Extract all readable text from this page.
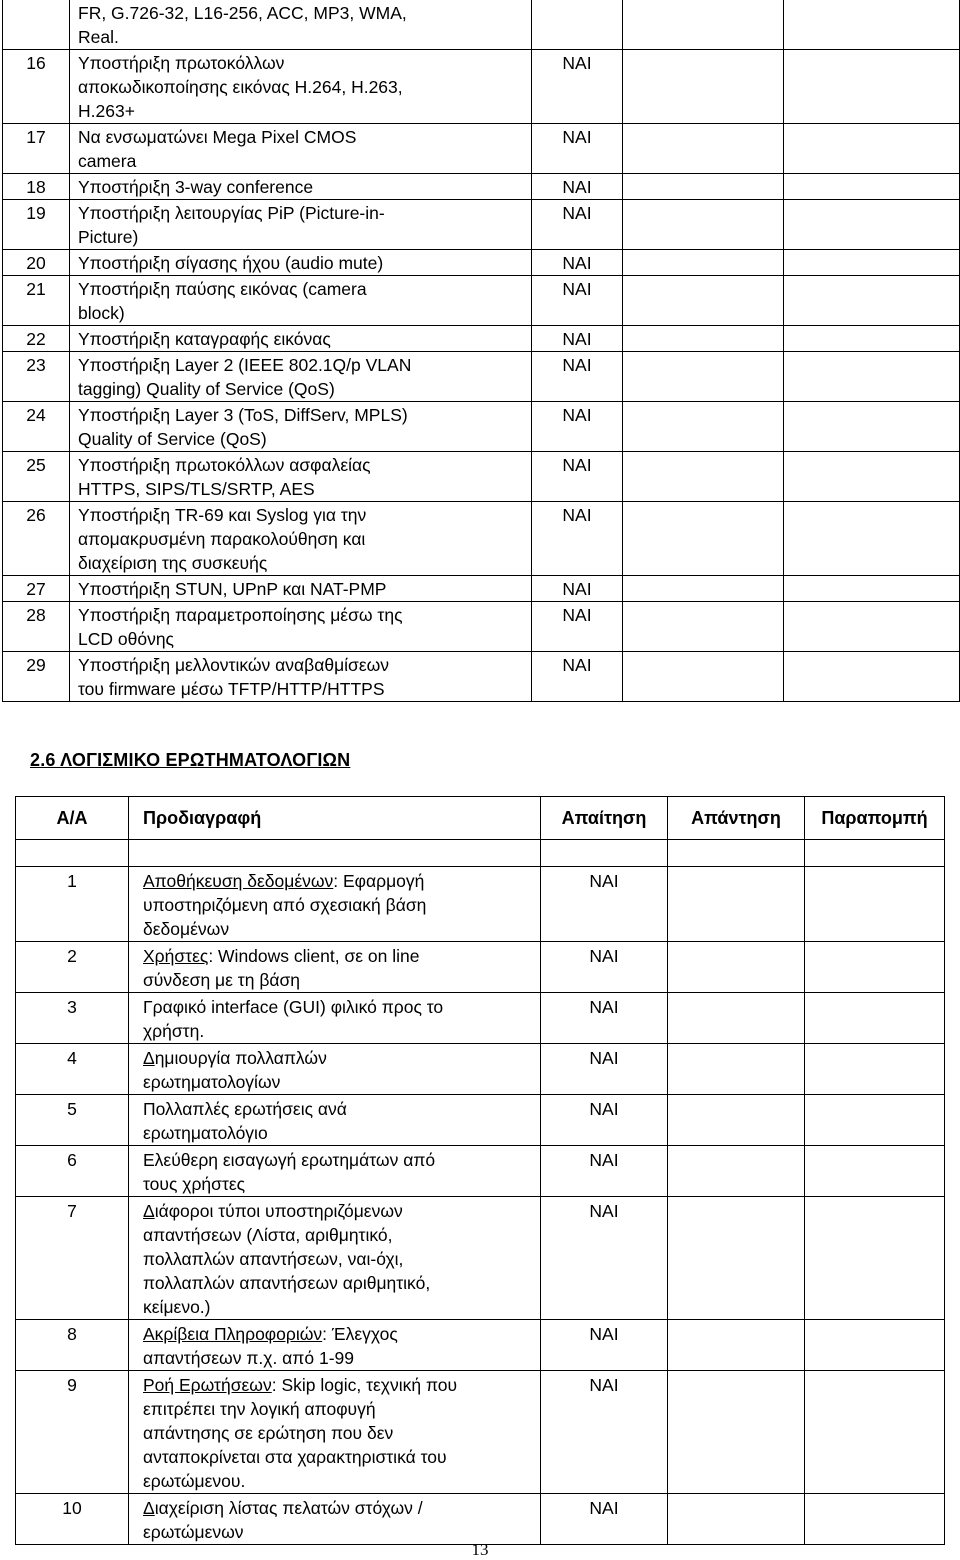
	FR, G.726-32, L16-256, ACC, MP3, WMA,
Real.			

16	Υποστήριξη πρωτοκόλλων
αποκωδικοποίησης εικόνας H.264, H.263,
H.263+	ΝΑΙ		
17	Να ενσωματώνει Mega Pixel CMOS
camera	ΝΑΙ		
18	Υποστήριξη 3-way conference	ΝΑΙ		
19	Υποστήριξη λειτουργίας PiP (Picture-in-
Picture)	ΝΑΙ		
20	Υποστήριξη σίγασης ήχου (audio mute)	ΝΑΙ		
21	Υποστήριξη παύσης εικόνας (camera
block)	ΝΑΙ		
22	Υποστήριξη καταγραφής εικόνας	ΝΑΙ		
23	Υποστήριξη Layer 2 (IEEE 802.1Q/p VLAN
tagging) Quality of Service (QoS)	ΝΑΙ		
24	Υποστήριξη Layer 3 (ToS, DiffServ, MPLS)
Quality of Service (QoS)	ΝΑΙ		
25	Υποστήριξη πρωτοκόλλων ασφαλείας
HTTPS, SIPS/TLS/SRTP, AES	ΝΑΙ		
26	Υποστήριξη TR-69 και Syslog για την
απομακρυσμένη παρακολούθηση και
διαχείριση της συσκευής	ΝΑΙ		
27	Υποστήριξη STUN, UPnP και NAT-PMP	ΝΑΙ		
28	Υποστήριξη παραμετροποίησης μέσω της
LCD οθόνης	ΝΑΙ		
29	Υποστήριξη μελλοντικών αναβαθμίσεων
του firmware μέσω TFTP/HTTP/HTTPS	ΝΑΙ		
2.6 ΛΟΓΙΣΜΙΚΟ ΕΡΩΤΗΜΑΤΟΛΟΓΙΩΝ
Α/Α	Προδιαγραφή	Απαίτηση	Απάντηση	Παραπομπή

1	Αποθήκευση δεδομένων: Εφαρμογή
υποστηριζόμενη από σχεσιακή βάση
δεδομένων	ΝΑΙ		
2	Χρήστες: Windows client, σε on line
σύνδεση με τη βάση	ΝΑΙ		
3	Γραφικό interface (GUI) φιλικό προς το
χρήστη.	ΝΑΙ		
4	Δημιουργία πολλαπλών
ερωτηματολογίων	ΝΑΙ		
5	Πολλαπλές ερωτήσεις ανά
ερωτηματολόγιο	ΝΑΙ		
6	Ελεύθερη εισαγωγή ερωτημάτων από
τους χρήστες	ΝΑΙ		
7	Διάφοροι τύποι υποστηριζόμενων
απαντήσεων (Λίστα, αριθμητικό,
πολλαπλών απαντήσεων, ναι-όχι,
πολλαπλών απαντήσεων αριθμητικό,
κείμενο.)	ΝΑΙ		
8	Ακρίβεια Πληροφοριών: Έλεγχος
απαντήσεων π.χ. από 1-99	ΝΑΙ		
9	Ροή Ερωτήσεων: Skip logic, τεχνική που
επιτρέπει την λογική αποφυγή
απάντησης σε ερώτηση που δεν
ανταποκρίνεται στα χαρακτηριστικά του
ερωτώμενου.	ΝΑΙ		
10	Διαχείριση λίστας πελατών στόχων /
ερωτώμενων	ΝΑΙ		
13
